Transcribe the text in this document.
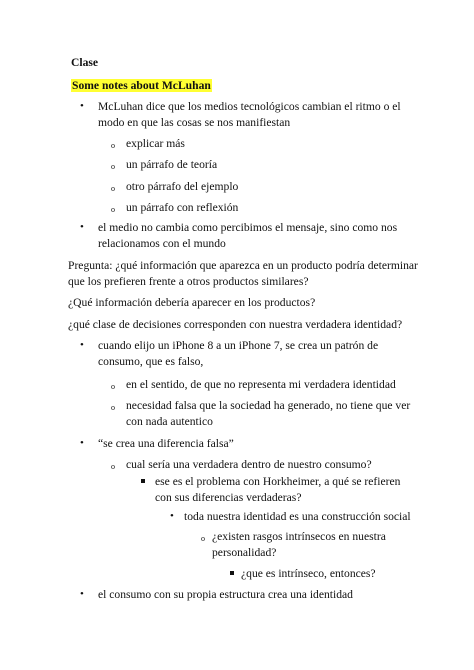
Clase
Some notes about McLuhan
• McLuhan dice que los medios tecnológicos cambian el ritmo o el
modo en que las cosas se nos manifiestan
o explicar más
o un párrafo de teoría
o otro párrafo del ejemplo
o un párrafo con reflexión
• el medio no cambia como percibimos el mensaje, sino como nos
relacionamos con el mundo
Pregunta: ¿qué información que aparezca en un producto podría determinar
que los prefieren frente a otros productos similares?
¿Qué información debería aparecer en los productos?
¿qué clase de decisiones corresponden con nuestra verdadera identidad?
• cuando elijo un iPhone 8 a un iPhone 7, se crea un patrón de
consumo, que es falso,
o en el sentido, de que no representa mi verdadera identidad
o necesidad falsa que la sociedad ha generado, no tiene que ver
con nada autentico
• “se crea una diferencia falsa”
o cual sería una verdadera dentro de nuestro consumo?
ese es el problema con Horkheimer, a qué se refieren
con sus diferencias verdaderas?
• toda nuestra identidad es una construcción social
o ¿existen rasgos intrínsecos en nuestra
personalidad?
¿que es intrínseco, entonces?
• el consumo con su propia estructura crea una identidad
